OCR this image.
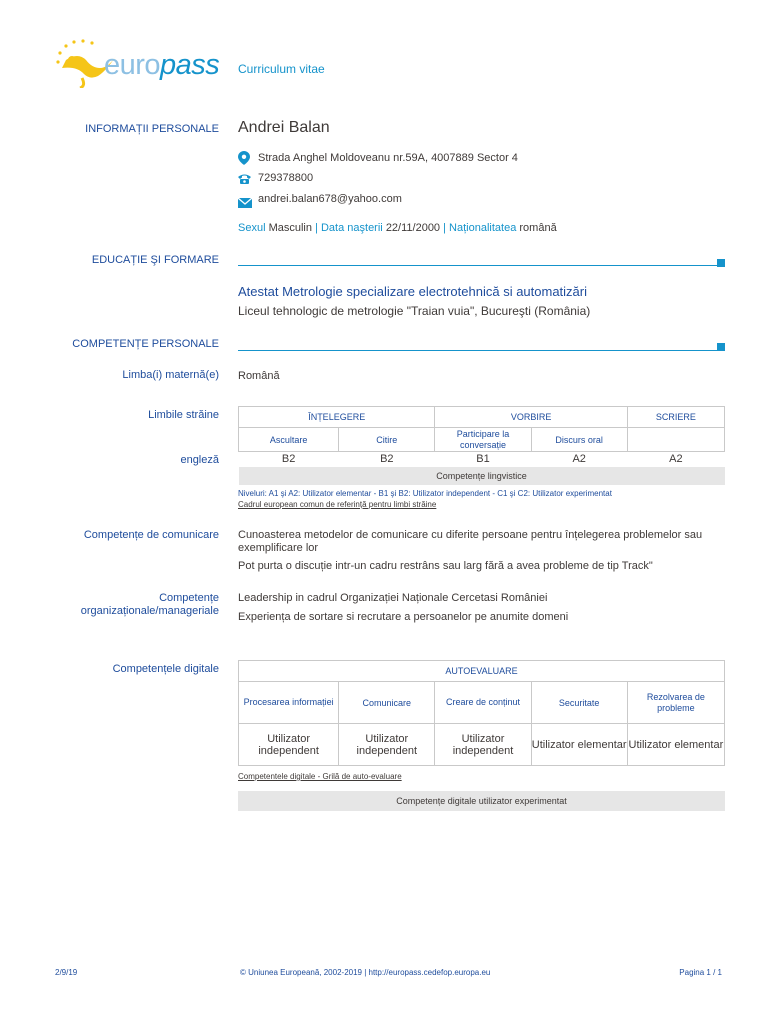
europass Curriculum vitae
INFORMAȚII PERSONALE Andrei Balan
Strada Anghel Moldoveanu nr.59A, 4007889 Sector 4
729378800
andrei.balan678@yahoo.com
Sexul Masculin | Data naşterii 22/11/2000 | Naționalitatea română
EDUCAȚIE ŞI FORMARE
Atestat Metrologie specializare electrotehnică si automatizări
Liceul tehnologic de metrologie "Traian vuia", Bucureşti (România)
COMPETENȚE PERSONALE
Limba(i) maternă(e) Română
Limbile străine	ÎNȚELEGERE		VORBIRE		SCRIERE
Ascultare	Citire	Participare la conversație	Discurs oral	
B2	B2	B1	A2	A2
Competențe lingvistice				
engleză
Niveluri: A1 şi A2: Utilizator elementar - B1 şi B2: Utilizator independent - C1 şi C2: Utilizator experimentat
Cadrul european comun de referință pentru limbi străine
Competențe de comunicare Cunoasterea metodelor de comunicare cu diferite persoane pentru înțelegerea problemelor sau exemplificare lor
Pot purta o discuție intr-un cadru restrâns sau larg fără a avea probleme de tip Track"
Competențe
organizaționale/manageriale
Leadership in cadrul Organizației Naționale Cercetasi României
Experiența de sortare si recrutare a persoanelor pe anumite domeni
Competențele digitale	AUTOEVALUARE				
Procesarea informației	Comunicare	Creare de conținut	Securitate	Rezolvarea de probleme
Utilizator independent	Utilizator independent	Utilizator independent	Utilizator elementar	Utilizator elementar
Competentele digitale - Grilă de auto-evaluare
Competențe digitale utilizator experimentat
2/9/19	© Uniunea Europeană, 2002-2019 | http://europass.cedefop.europa.eu	Pagina 1 / 1
